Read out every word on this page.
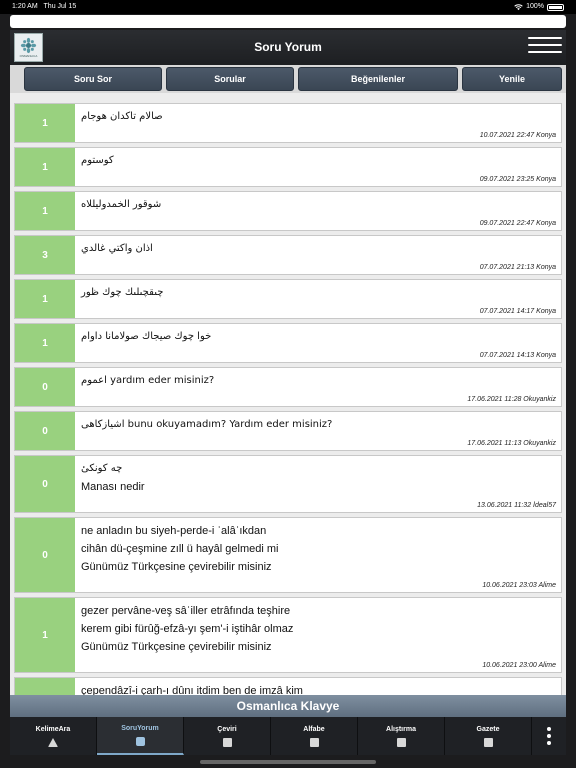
1:20 AM Thu Jul 15	100%
OSMANLICA
Soru Yorum
Soru Sor	Sorular	Beğenilenler	Yenile
1
صالام تاكدان هوجام
10.07.2021 22:47 Konya
1
كوستوم
09.07.2021 23:25 Konya
1
شوقور الخمدوليللاه
09.07.2021 22:47 Konya
3
اذان واكتي غالدي
07.07.2021 21:13 Konya
1
چىقچىلىك چوك ظور
07.07.2021 14:17 Konya
1
خوا چوك صيجاك صولامانا داوام
07.07.2021 14:13 Konya
0
اعموم yardım eder misiniz?
17.06.2021 11:28 Okuyankiz
0
اشيازكاهى bunu okuyamadım? Yardım eder misiniz?
17.06.2021 11:13 Okuyankiz
0
چه كونكىٔ
Manası nedir
13.06.2021 11:32 İdeal57
0
ne anladın bu siyeh-perde-i ʿalâʾıkdan
cihân dü-çeşmine zıll ü hayâl gelmedi mi
Günümüz Türkçesine çevirebilir misiniz
10.06.2021 23:03 Alime
1
gezer pervâne-veş sâʾiller etrâfında teşhire
kerem gibi fürûğ-efzâ-yı şem'-i iştihâr olmaz
Günümüz Türkçesine çevirebilir misiniz
10.06.2021 23:00 Alime
çependâzî-i çarh-ı dûnı itdim ben de imzâ kim
Osmanlıca Klavye
KelimeAra	SoruYorum	Çeviri	Alfabe	Alıştırma	Gazete
